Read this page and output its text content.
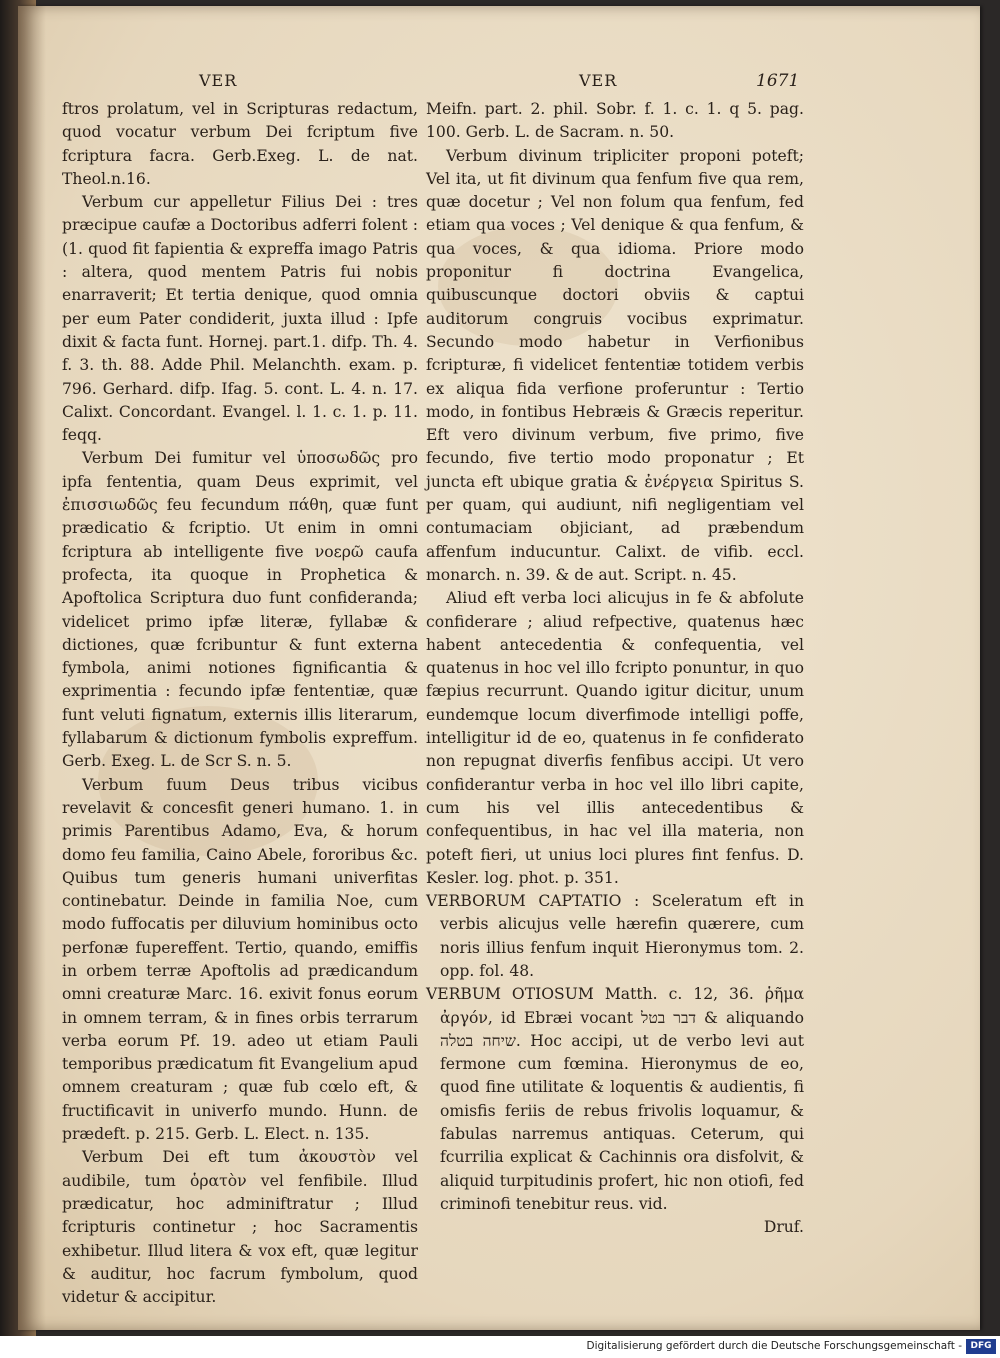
VER	VER	1671

ftros prolatum, vel in Scripturas redactum, quod vocatur verbum Dei fcriptum five fcriptura facra. Gerb.Exeg. L. de nat. Theol.n.16.

Verbum cur appelletur Filius Dei : tres præcipue caufæ a Doctoribus adferri folent : (1. quod fit fapientia & expreffa imago Patris : altera, quod mentem Patris fui nobis enarraverit; Et tertia denique, quod omnia per eum Pater condiderit, juxta illud : Ipfe dixit & facta funt. Hornej. part.1. difp. Th. 4. f. 3. th. 88. Adde Phil. Melanchth. exam. p. 796. Gerhard. difp. Ifag. 5. cont. L. 4. n. 17. Calixt. Concordant. Evangel. l. 1. c. 1. p. 11. feqq.

Verbum Dei fumitur vel ὑποσωδῶς pro ipfa fententia, quam Deus exprimit, vel ἐπισσιωδῶς feu fecundum πάθη, quæ funt prædicatio & fcriptio. Ut enim in omni fcriptura ab intelligente five νοερῶ caufa profecta, ita quoque in Prophetica & Apoftolica Scriptura duo funt confideranda; videlicet primo ipfæ literæ, fyllabæ & dictiones, quæ fcribuntur & funt externa fymbola, animi notiones fignificantia & exprimentia : fecundo ipfæ fententiæ, quæ funt veluti fignatum, externis illis literarum, fyllabarum & dictionum fymbolis expreffum. Gerb. Exeg. L. de Scr S. n. 5.

Verbum fuum Deus tribus vicibus revelavit & concesfit generi humano. 1. in primis Parentibus Adamo, Eva, & horum domo feu familia, Caino Abele, fororibus &c. Quibus tum generis humani univerfitas continebatur. Deinde in familia Noe, cum modo fuffocatis per diluvium hominibus octo perfonæ fupereffent. Tertio, quando, emiffis in orbem terræ Apoftolis ad prædicandum omni creaturæ Marc. 16. exivit fonus eorum in omnem terram, & in fines orbis terrarum verba eorum Pf. 19. adeo ut etiam Pauli temporibus prædicatum fit Evangelium apud omnem creaturam ; quæ fub cœlo eft, & fructificavit in univerfo mundo. Hunn. de prædeft. p. 215. Gerb. L. Elect. n. 135.

Verbum Dei eft tum ἀκουστὸν vel audibile, tum ὁρατὸν vel fenfibile. Illud prædicatur, hoc adminiftratur ; Illud fcripturis continetur ; hoc Sacramentis exhibetur. Illud litera & vox eft, quæ legitur & auditur, hoc facrum fymbolum, quod videtur & accipitur.

Meifn. part. 2. phil. Sobr. f. 1. c. 1. q 5. pag. 100. Gerb. L. de Sacram. n. 50.

Verbum divinum tripliciter proponi poteft; Vel ita, ut fit divinum qua fenfum five qua rem, quæ docetur ; Vel non folum qua fenfum, fed etiam qua voces ; Vel denique & qua fenfum, & qua voces, & qua idioma. Priore modo proponitur fi doctrina Evangelica, quibuscunque doctori obviis & captui auditorum congruis vocibus exprimatur. Secundo modo habetur in Verfionibus fcripturæ, fi videlicet fententiæ totidem verbis ex aliqua fida verfione proferuntur : Tertio modo, in fontibus Hebræis & Græcis reperitur. Eft vero divinum verbum, five primo, five fecundo, five tertio modo proponatur ; Et juncta eft ubique gratia & ἐνέργεια Spiritus S. per quam, qui audiunt, nifi negligentiam vel contumaciam objiciant, ad præbendum affenfum inducuntur. Calixt. de vifib. eccl. monarch. n. 39. & de aut. Script. n. 45.

Aliud eft verba loci alicujus in fe & abfolute confiderare ; aliud refpective, quatenus hæc habent antecedentia & confequentia, vel quatenus in hoc vel illo fcripto ponuntur, in quo fæpius recurrunt. Quando igitur dicitur, unum eundemque locum diverfimode intelligi poffe, intelligitur id de eo, quatenus in fe confiderato non repugnat diverfis fenfibus accipi. Ut vero confiderantur verba in hoc vel illo libri capite, cum his vel illis antecedentibus & confequentibus, in hac vel illa materia, non poteft fieri, ut unius loci plures fint fenfus. D. Kesler. log. phot. p. 351.

VERBORUM CAPTATIO : Sceleratum eft in verbis alicujus velle hærefin quærere, cum noris illius fenfum inquit Hieronymus tom. 2. opp. fol. 48.

VERBUM OTIOSUM Matth. c. 12, 36. ῥῆμα ἀργόν, id Ebræi vocant דבר בטל & aliquando שיחה בטלה. Hoc accipi, ut de verbo levi aut fermone cum fœmina. Hieronymus de eo, quod fine utilitate & loquentis & audientis, fi omisfis feriis de rebus frivolis loquamur, & fabulas narremus antiquas. Ceterum, qui fcurrilia explicat & Cachinnis ora disfolvit, & aliquid turpitudinis profert, hic non otiofi, fed criminofi tenebitur reus. vid.

Druf.

Digitalisierung gefördert durch die Deutsche Forschungsgemeinschaft - DFG
